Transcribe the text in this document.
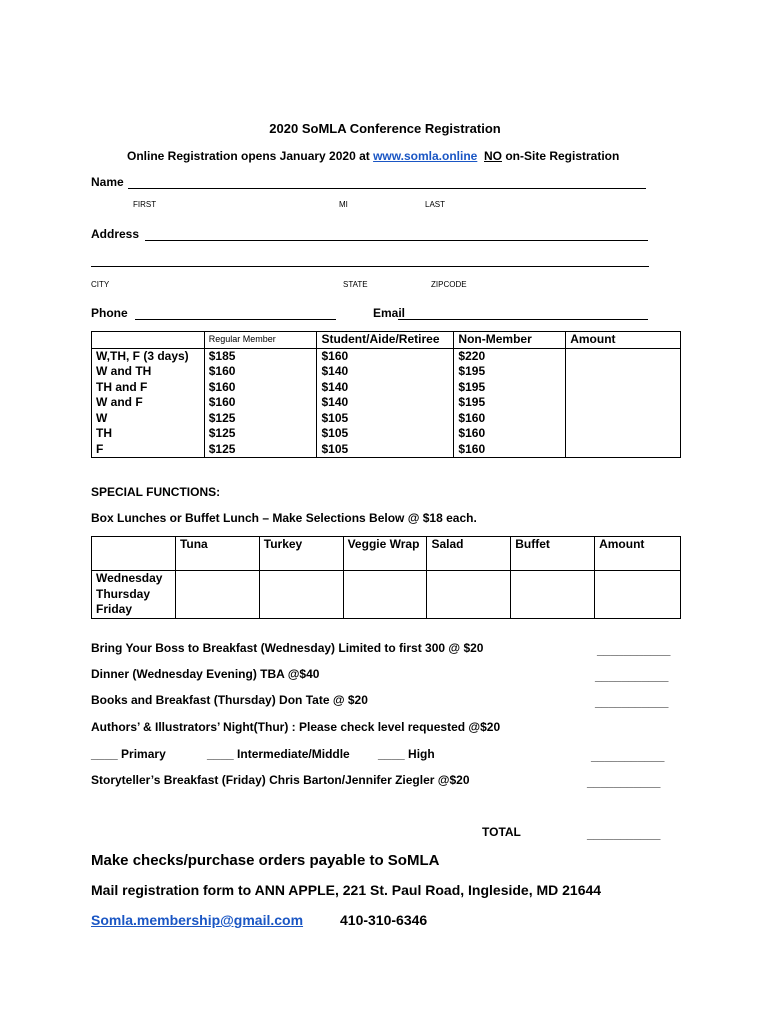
2020 SoMLA Conference Registration
Online Registration opens January 2020 at www.somla.online NO on-Site Registration
Name
FIRST	MI	LAST
Address
CITY	STATE	ZIPCODE
Phone	Email
	Regular Member	Student/Aide/Retiree	Non-Member	Amount
W,TH, F (3 days)	$185	$160	$220	
W and TH	$160	$140	$195	
TH and F	$160	$140	$195	
W and F	$160	$140	$195	
W	$125	$105	$160	
TH	$125	$105	$160	
F	$125	$105	$160	
SPECIAL FUNCTIONS:
Box Lunches or Buffet Lunch – Make Selections Below @ $18 each.
	Tuna	Turkey	Veggie Wrap	Salad	Buffet	Amount

Wednesday
Thursday
Friday						

Bring Your Boss to Breakfast (Wednesday) Limited to first 300 @ $20	___________
Dinner (Wednesday Evening) TBA @$40	___________
Books and Breakfast (Thursday) Don Tate @ $20	___________
Authors’ & Illustrators’ Night(Thur) : Please check level requested @$20
____ Primary	____ Intermediate/Middle ____ High	___________
Storyteller’s Breakfast (Friday) Chris Barton/Jennifer Ziegler @$20	___________
TOTAL	___________
Make checks/purchase orders payable to SoMLA
Mail registration form to ANN APPLE, 221 St. Paul Road, Ingleside, MD 21644
Somla.membership@gmail.com	410-310-6346
